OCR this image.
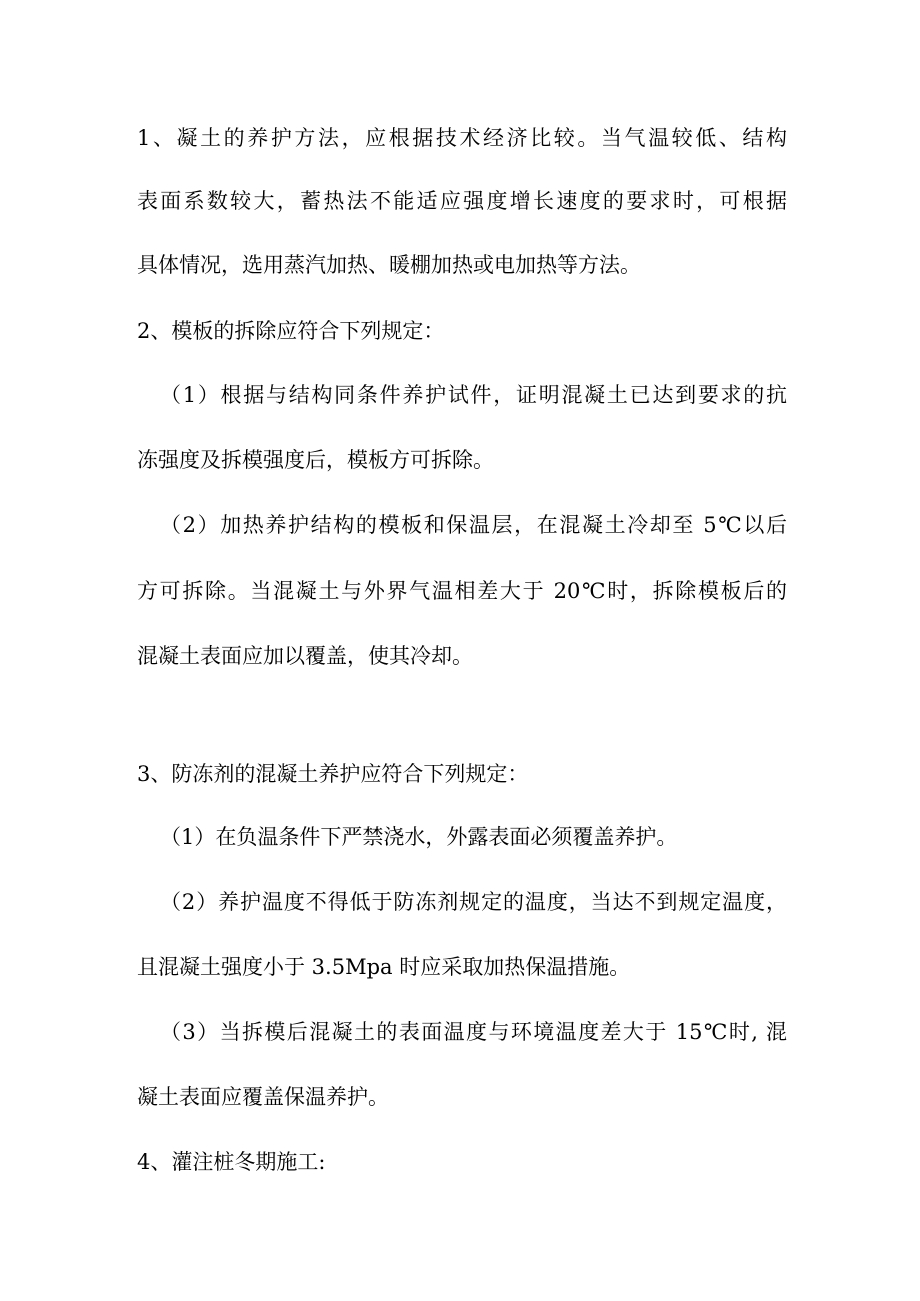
1、凝土的养护方法，应根据技术经济比较。当气温较低、结构
表面系数较大，蓄热法不能适应强度增长速度的要求时，可根据
具体情况，选用蒸汽加热、暖棚加热或电加热等方法。
2、模板的拆除应符合下列规定：
（1）根据与结构同条件养护试件，证明混凝土已达到要求的抗
冻强度及拆模强度后，模板方可拆除。
（2）加热养护结构的模板和保温层，在混凝土冷却至 5℃以后
方可拆除。当混凝土与外界气温相差大于 20℃时，拆除模板后的
混凝土表面应加以覆盖，使其冷却。
3、防冻剂的混凝土养护应符合下列规定：
（1）在负温条件下严禁浇水，外露表面必须覆盖养护。
（2）养护温度不得低于防冻剂规定的温度，当达不到规定温度，
且混凝土强度小于 3.5Mpa 时应采取加热保温措施。
（3）当拆模后混凝土的表面温度与环境温度差大于 15℃时, 混
凝土表面应覆盖保温养护。
4、灌注桩冬期施工:
